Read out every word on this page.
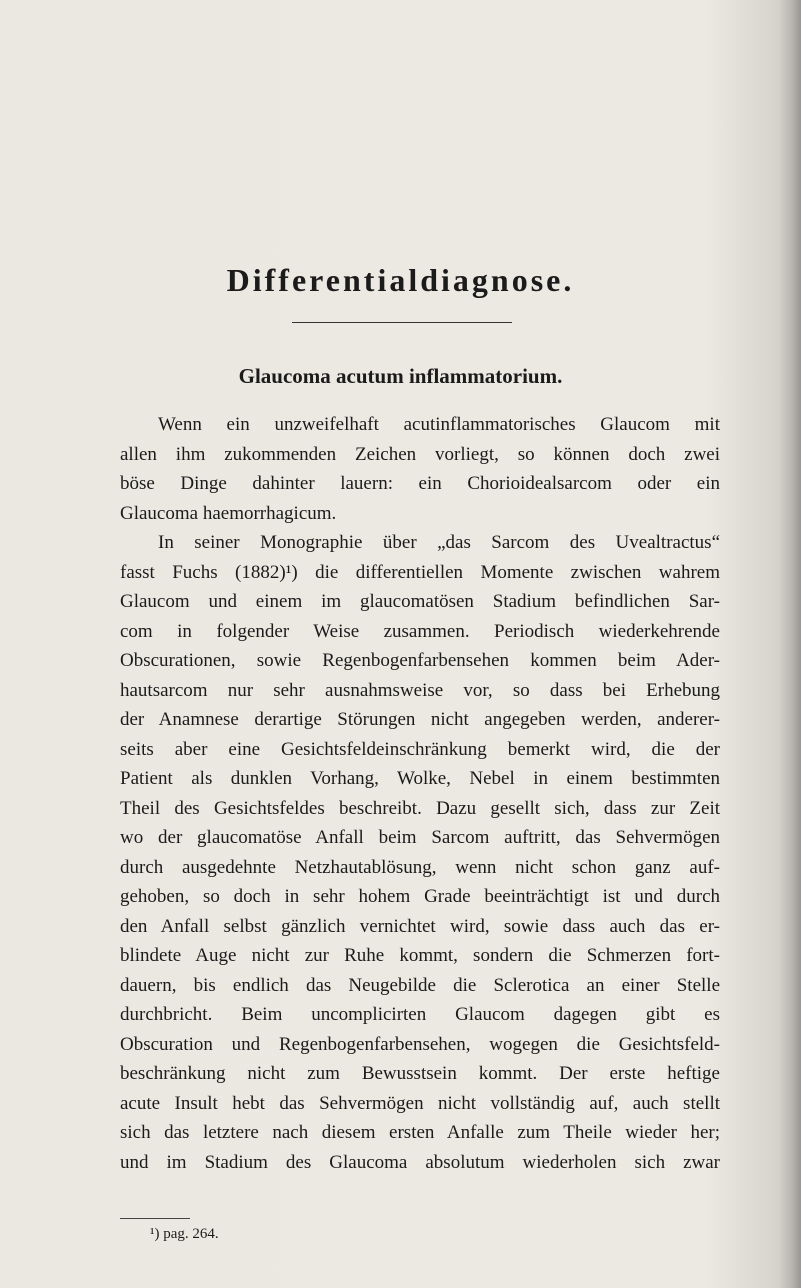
Differentialdiagnose.
Glaucoma acutum inflammatorium.
Wenn ein unzweifelhaft acutinflammatorisches Glaucom mit
allen ihm zukommenden Zeichen vorliegt, so können doch zwei
böse Dinge dahinter lauern: ein Chorioidealsarcom oder ein
Glaucoma haemorrhagicum.
In seiner Monographie über „das Sarcom des Uvealtractus“
fasst Fuchs (1882)¹) die differentiellen Momente zwischen wahrem
Glaucom und einem im glaucomatösen Stadium befindlichen Sar-
com in folgender Weise zusammen. Periodisch wiederkehrende
Obscurationen, sowie Regenbogenfarbensehen kommen beim Ader-
hautsarcom nur sehr ausnahmsweise vor, so dass bei Erhebung
der Anamnese derartige Störungen nicht angegeben werden, anderer-
seits aber eine Gesichtsfeldeinschränkung bemerkt wird, die der
Patient als dunklen Vorhang, Wolke, Nebel in einem bestimmten
Theil des Gesichtsfeldes beschreibt. Dazu gesellt sich, dass zur Zeit
wo der glaucomatöse Anfall beim Sarcom auftritt, das Sehvermögen
durch ausgedehnte Netzhautablösung, wenn nicht schon ganz auf-
gehoben, so doch in sehr hohem Grade beeinträchtigt ist und durch
den Anfall selbst gänzlich vernichtet wird, sowie dass auch das er-
blindete Auge nicht zur Ruhe kommt, sondern die Schmerzen fort-
dauern, bis endlich das Neugebilde die Sclerotica an einer Stelle
durchbricht. Beim uncomplicirten Glaucom dagegen gibt es
Obscuration und Regenbogenfarbensehen, wogegen die Gesichtsfeld-
beschränkung nicht zum Bewusstsein kommt. Der erste heftige
acute Insult hebt das Sehvermögen nicht vollständig auf, auch stellt
sich das letztere nach diesem ersten Anfalle zum Theile wieder her;
und im Stadium des Glaucoma absolutum wiederholen sich zwar
¹) pag. 264.
